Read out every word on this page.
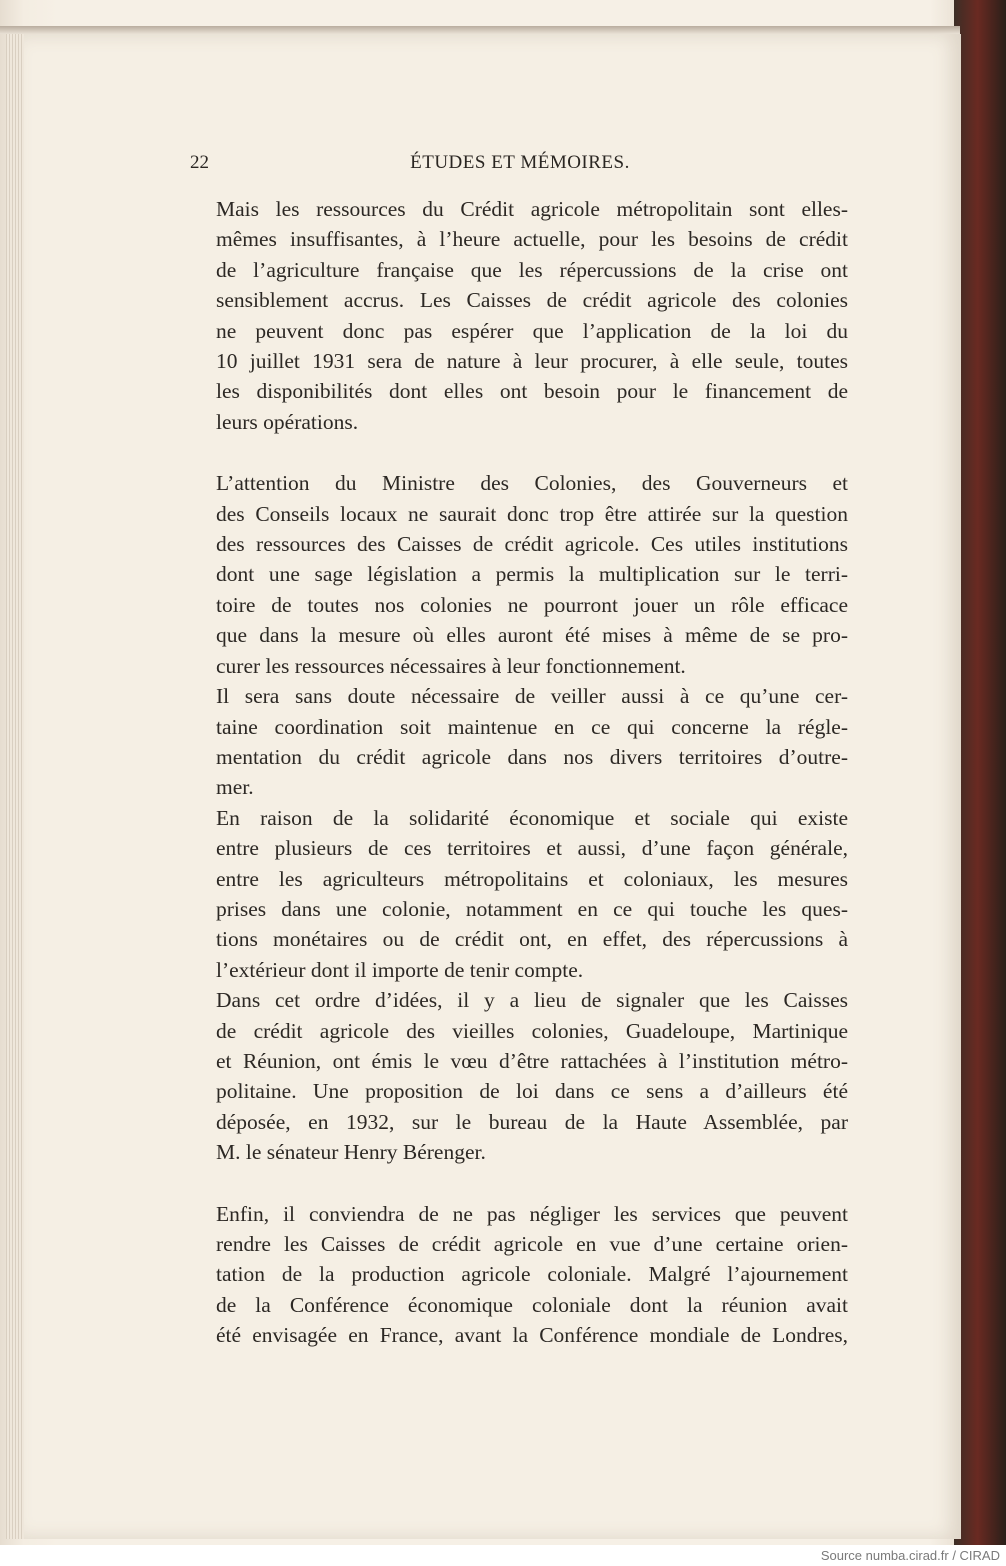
22	ÉTUDES ET MÉMOIRES.

Mais les ressources du Crédit agricole métropolitain sont elles-
mêmes insuffisantes, à l’heure actuelle, pour les besoins de crédit
de l’agriculture française que les répercussions de la crise ont
sensiblement accrus. Les Caisses de crédit agricole des colonies
ne peuvent donc pas espérer que l’application de la loi du
10 juillet 1931 sera de nature à leur procurer, à elle seule, toutes
les disponibilités dont elles ont besoin pour le financement de
leurs opérations.

L’attention du Ministre des Colonies, des Gouverneurs et
des Conseils locaux ne saurait donc trop être attirée sur la question
des ressources des Caisses de crédit agricole. Ces utiles institutions
dont une sage législation a permis la multiplication sur le terri-
toire de toutes nos colonies ne pourront jouer un rôle efficace
que dans la mesure où elles auront été mises à même de se pro-
curer les ressources nécessaires à leur fonctionnement.

Il sera sans doute nécessaire de veiller aussi à ce qu’une cer-
taine coordination soit maintenue en ce qui concerne la régle-
mentation du crédit agricole dans nos divers territoires d’outre-
mer.

En raison de la solidarité économique et sociale qui existe
entre plusieurs de ces territoires et aussi, d’une façon générale,
entre les agriculteurs métropolitains et coloniaux, les mesures
prises dans une colonie, notamment en ce qui touche les ques-
tions monétaires ou de crédit ont, en effet, des répercussions à
l’extérieur dont il importe de tenir compte.

Dans cet ordre d’idées, il y a lieu de signaler que les Caisses
de crédit agricole des vieilles colonies, Guadeloupe, Martinique
et Réunion, ont émis le vœu d’être rattachées à l’institution métro-
politaine. Une proposition de loi dans ce sens a d’ailleurs été
déposée, en 1932, sur le bureau de la Haute Assemblée, par
M. le sénateur Henry Bérenger.

Enfin, il conviendra de ne pas négliger les services que peuvent
rendre les Caisses de crédit agricole en vue d’une certaine orien-
tation de la production agricole coloniale. Malgré l’ajournement
de la Conférence économique coloniale dont la réunion avait
été envisagée en France, avant la Conférence mondiale de Londres,

Source numba.cirad.fr / CIRAD
